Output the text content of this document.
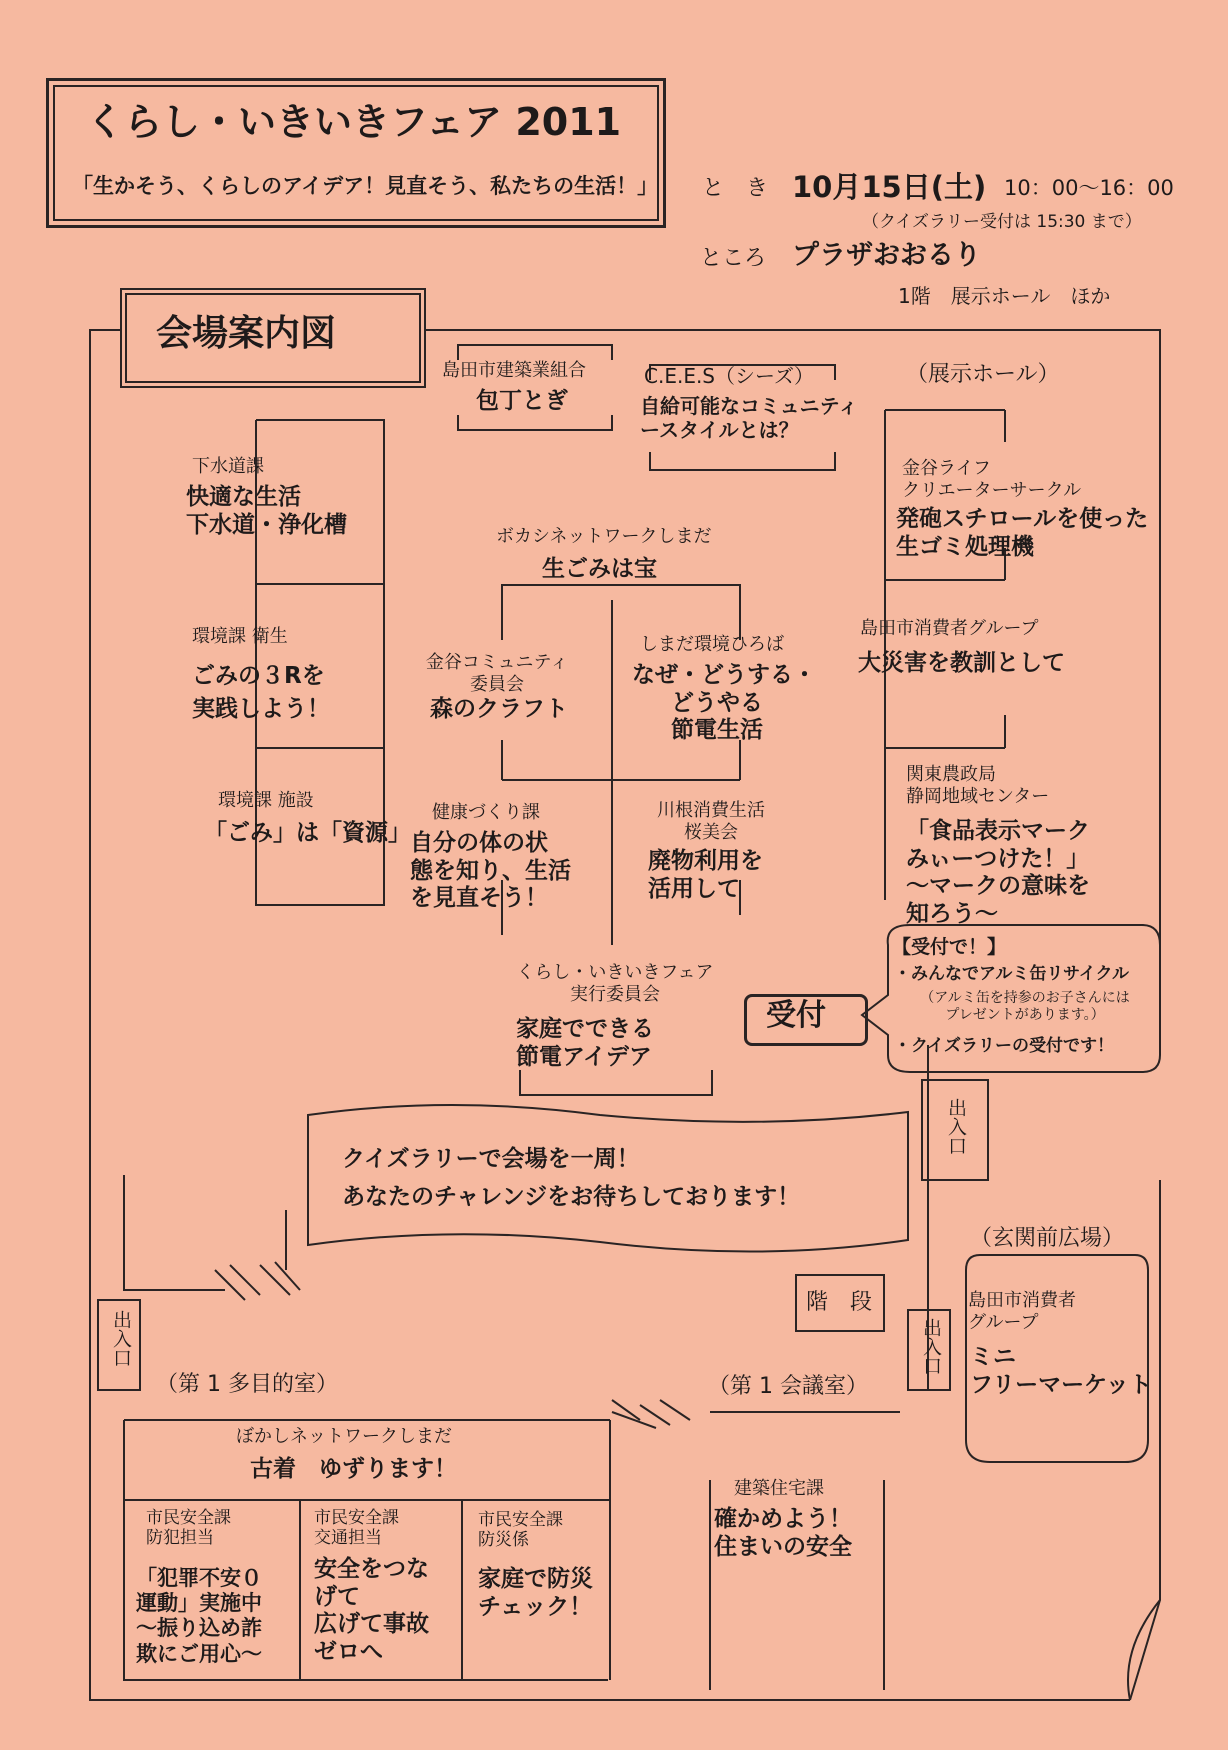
くらし・いきいきフェア 2011
「生かそう、くらしのアイデア！見直そう、私たちの生活！」 と　き 10月15日(土) 10：00〜16：00
（クイズラリー受付は 15:30 まで）
ところ プラザおおるり
1階　展示ホール　ほか
会場案内図
（展示ホール）
（玄関前広場）
（第 1 多目的室）	（第 1 会議室）
階　段
出入口
出入口	出入口
島田市建築業組合
包丁とぎ
C.E.E.S（シーズ）
自給可能なコミュニティ
ースタイルとは？
下水道課
快適な生活
下水道・浄化槽
環境課 衛生
ごみの３Rを
実践しよう！
環境課 施設
「ごみ」は「資源」
ボカシネットワークしまだ
生ごみは宝
金谷コミュニティ
委員会
森のクラフト
しまだ環境ひろば
なぜ・どうする・
どうやる
節電生活
健康づくり課
自分の体の状
態を知り、生活
を見直そう！
川根消費生活
桜美会
廃物利用を
活用して
くらし・いきいきフェア
実行委員会
家庭でできる
節電アイデア
金谷ライフ
クリエーターサークル
発砲スチロールを使った
生ゴミ処理機
島田市消費者グループ
大災害を教訓として
関東農政局
静岡地域センター
「食品表示マーク
みぃーつけた！」
〜マークの意味を
知ろう〜
島田市消費者
グループ
ミニ
フリーマーケット
ぼかしネットワークしまだ
古着　ゆずります！
市民安全課
防犯担当
「犯罪不安０
運動」実施中
〜振り込め詐
欺にご用心〜
市民安全課
交通担当
安全をつな
げて
広げて事故
ゼロへ
市民安全課
防災係
家庭で防災
チェック！
建築住宅課
確かめよう！
住まいの安全
受付
【受付で！】
・みんなでアルミ缶リサイクル
（アルミ缶を持参のお子さんには
プレゼントがあります。）
・クイズラリーの受付です！
クイズラリーで会場を一周！
あなたのチャレンジをお待ちしております！
